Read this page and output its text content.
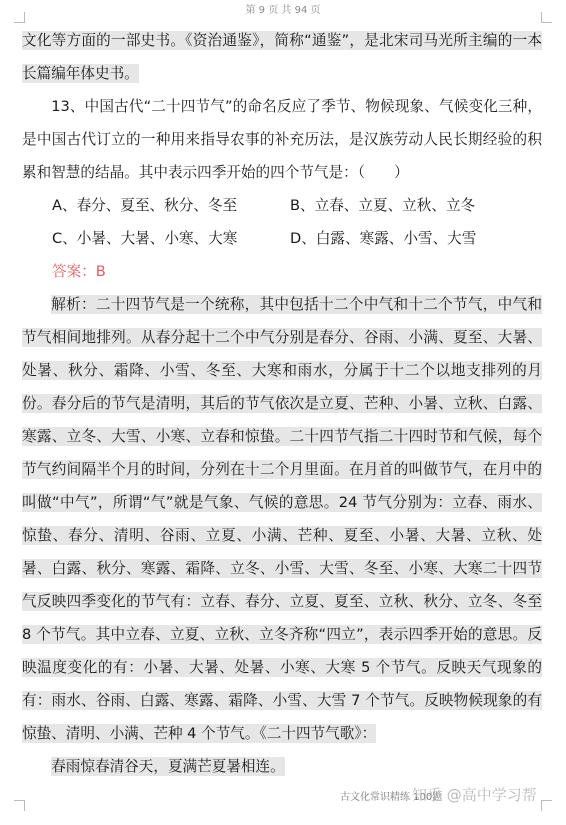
第 9 页 共 94 页

文化等方面的一部史书。《资治通鉴》，简称“通鉴”，是北宋司马光所主编的一本长篇编年体史书。

13、中国古代“二十四节气”的命名反应了季节、物候现象、气候变化三种，是中国古代订立的一种用来指导农事的补充历法，是汉族劳动人民长期经验的积累和智慧的结晶。其中表示四季开始的四个节气是：（　　）

A、春分、夏至、秋分、冬至	B、立春、立夏、立秋、立冬
C、小暑、大暑、小寒、大寒	D、白露、寒露、小雪、大雪
答案：B

解析：二十四节气是一个统称，其中包括十二个中气和十二个节气，中气和节气相间地排列。从春分起十二个中气分别是春分、谷雨、小满、夏至、大暑、处暑、秋分、霜降、小雪、冬至、大寒和雨水，分属于十二个以地支排列的月份。春分后的节气是清明，其后的节气依次是立夏、芒种、小暑、立秋、白露、寒露、立冬、大雪、小寒、立春和惊蛰。二十四节气指二十四时节和气候，每个节气约间隔半个月的时间，分列在十二个月里面。在月首的叫做节气，在月中的叫做“中气”，所谓“气”就是气象、气候的意思。24 节气分别为：立春、雨水、惊蛰、春分、清明、谷雨、立夏、小满、芒种、夏至、小暑、大暑、立秋、处暑、白露、秋分、寒露、霜降、立冬、小雪、大雪、冬至、小寒、大寒二十四节气反映四季变化的节气有：立春、春分、立夏、夏至、立秋、秋分、立冬、冬至 8 个节气。其中立春、立夏、立秋、立冬齐称“四立”，表示四季开始的意思。反映温度变化的有：小暑、大暑、处暑、小寒、大寒 5 个节气。反映天气现象的有：雨水、谷雨、白露、寒露、霜降、小雪、大雪 7 个节气。反映物候现象的有惊蛰、清明、小满、芒种 4 个节气。《二十四节气歌》：

春雨惊春清谷天，夏满芒夏暑相连。

古文化常识精练 100题
知乎 @高中学习帮
